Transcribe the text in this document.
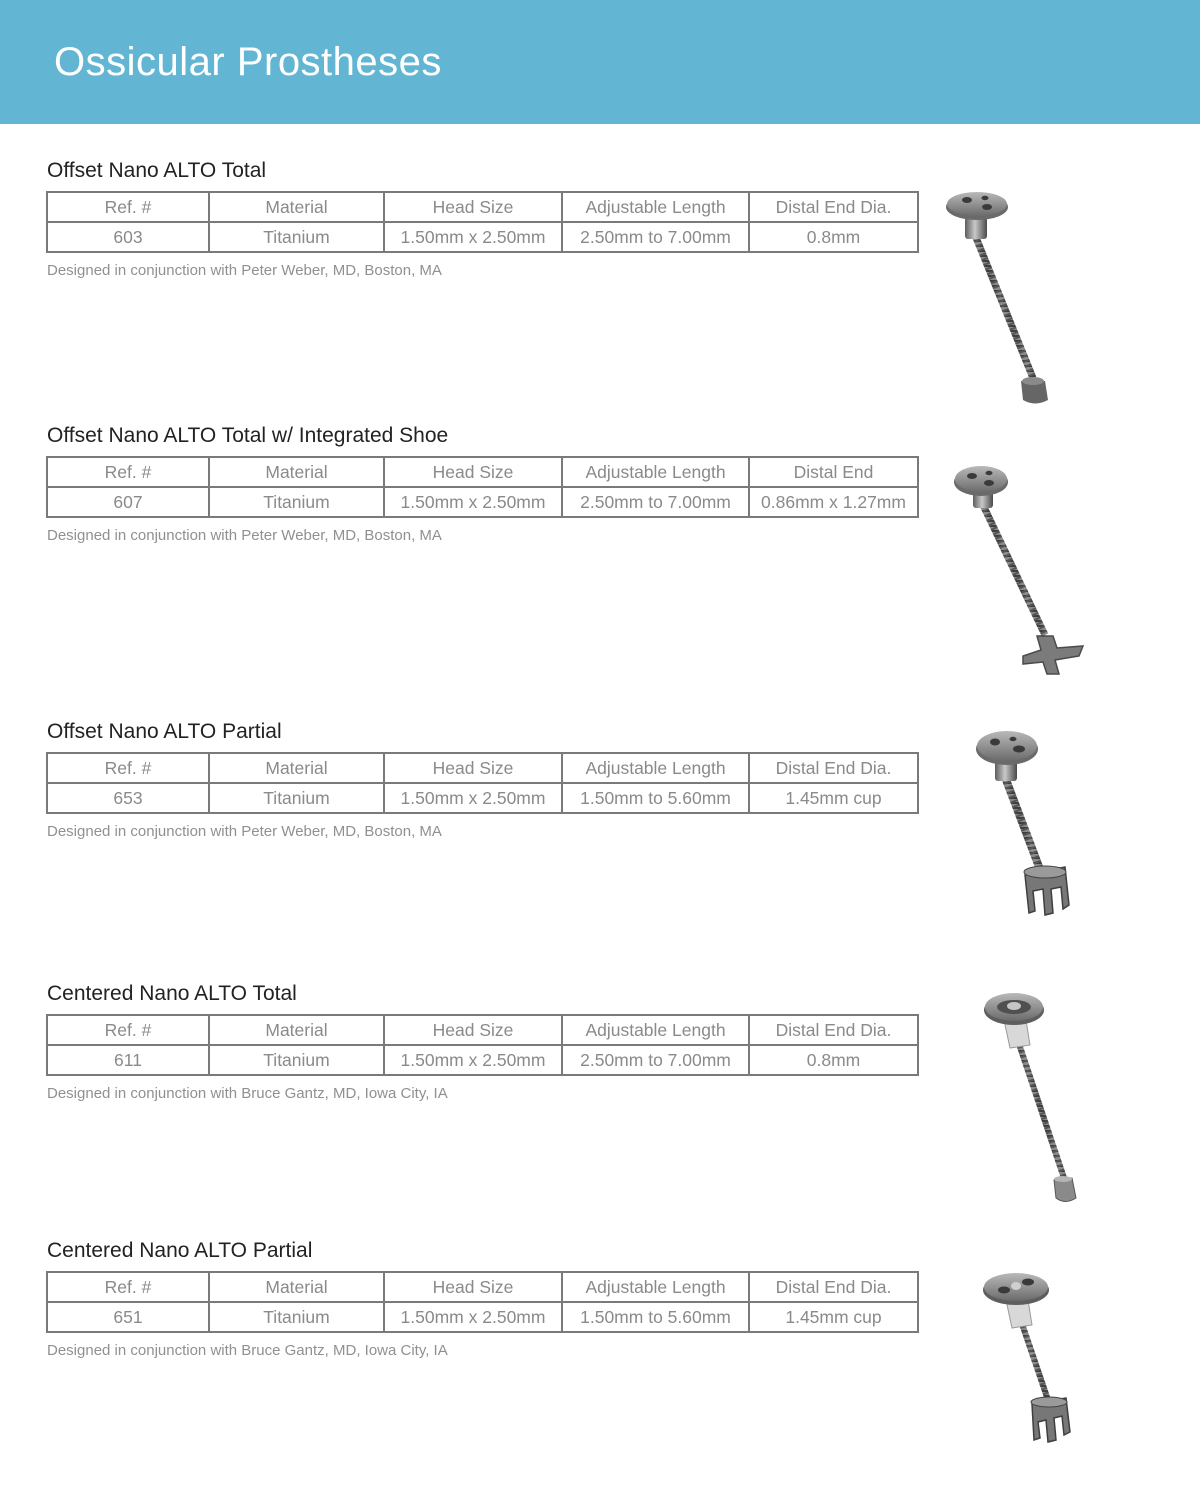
Ossicular Prostheses
Offset Nano ALTO Total
Ref. #	Material	Head Size	Adjustable Length	Distal End Dia.
603	Titanium	1.50mm x 2.50mm	2.50mm to 7.00mm	0.8mm
Designed in conjunction with Peter Weber, MD, Boston, MA
Offset Nano ALTO Total w/ Integrated Shoe
Ref. #	Material	Head Size	Adjustable Length	Distal End
607	Titanium	1.50mm x 2.50mm	2.50mm to 7.00mm	0.86mm x 1.27mm
Designed in conjunction with Peter Weber, MD, Boston, MA
Offset Nano ALTO Partial
Ref. #	Material	Head Size	Adjustable Length	Distal End Dia.
653	Titanium	1.50mm x 2.50mm	1.50mm to 5.60mm	1.45mm cup
Designed in conjunction with Peter Weber, MD, Boston, MA
Centered Nano ALTO Total
Ref. #	Material	Head Size	Adjustable Length	Distal End Dia.
611	Titanium	1.50mm x 2.50mm	2.50mm to 7.00mm	0.8mm
Designed in conjunction with Bruce Gantz, MD, Iowa City, IA
Centered Nano ALTO Partial
Ref. #	Material	Head Size	Adjustable Length	Distal End Dia.
651	Titanium	1.50mm x 2.50mm	1.50mm to 5.60mm	1.45mm cup
Designed in conjunction with Bruce Gantz, MD, Iowa City, IA
